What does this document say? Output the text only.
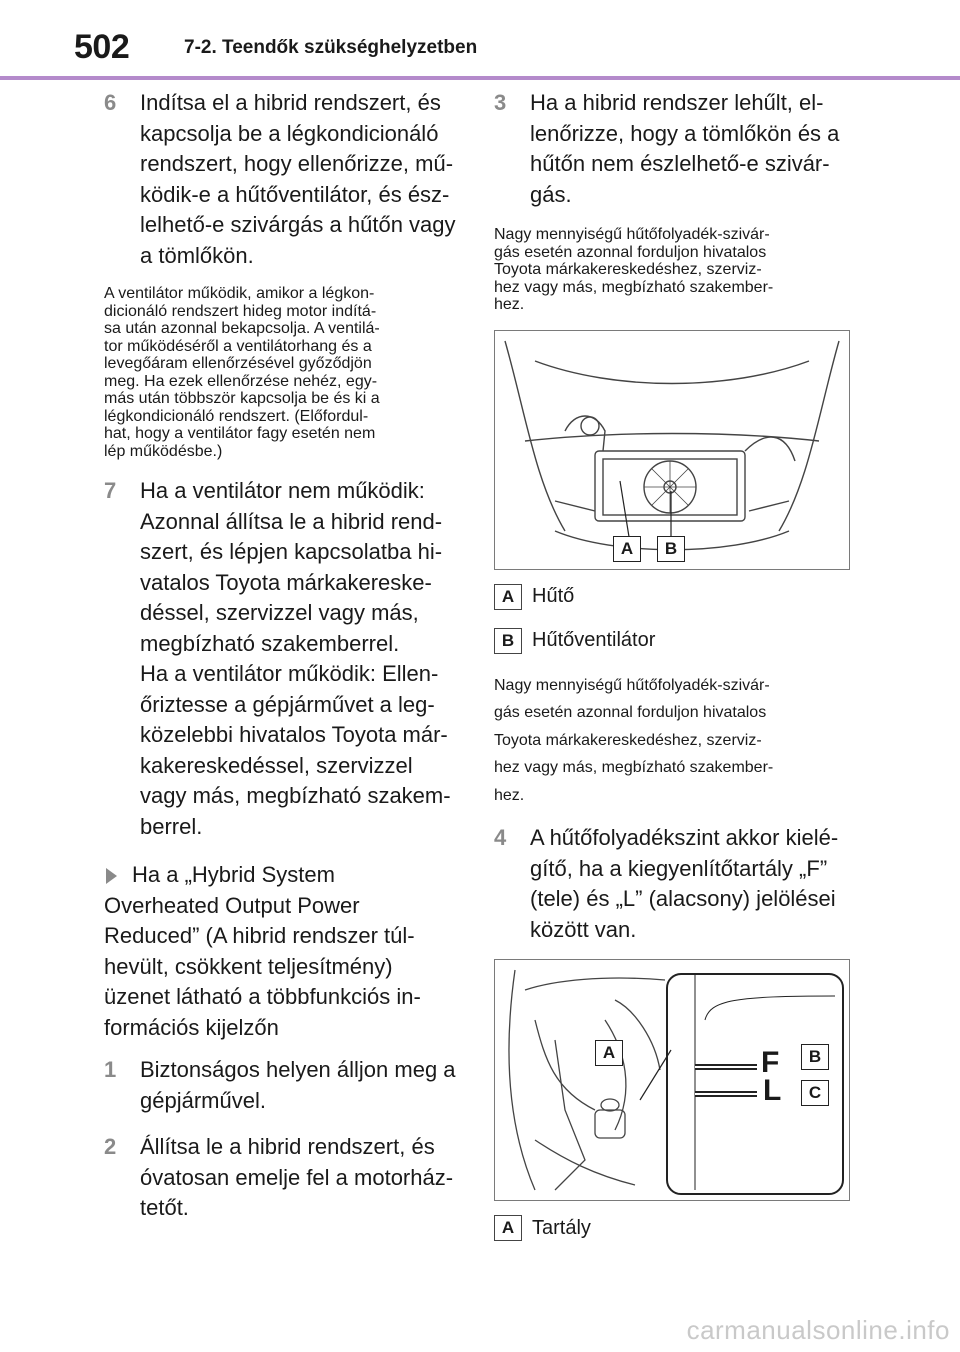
502	7-2. Teendők szükséghelyzetben
6 Indítsa el a hibrid rendszert, és

kapcsolja be a légkondicionáló

rendszert, hogy ellenőrizze, mű-

ködik-e a hűtőventilátor, és ész-

lelhető-e szivárgás a hűtőn vagy

a tömlőkön.

A ventilátor működik, amikor a légkon-
dicionáló rendszert hideg motor indítá-
sa után azonnal bekapcsolja. A ventilá-
tor működéséről a ventilátorhang és a
levegőáram ellenőrzésével győződjön
meg. Ha ezek ellenőrzése nehéz, egy-
más után többször kapcsolja be és ki a
légkondicionáló rendszert. (Előfordul-
hat, hogy a ventilátor fagy esetén nem
lép működésbe.)
7 Ha a ventilátor nem működik:

Azonnal állítsa le a hibrid rend-

szert, és lépjen kapcsolatba hi-

vatalos Toyota márkakereske-

déssel, szervizzel vagy más,

megbízható szakemberrel.

Ha a ventilátor működik: Ellen-

őriztesse a gépjárművet a leg-

közelebbi hivatalos Toyota már-

kakereskedéssel, szervizzel

vagy más, megbízható szakem-

berrel.

Ha a „Hybrid System
Overheated Output Power
Reduced” (A hibrid rendszer túl-
hevült, csökkent teljesítmény)
üzenet látható a többfunkciós in-
formációs kijelzőn
1 Biztonságos helyen álljon meg a

gépjárművel.

2 Állítsa le a hibrid rendszert, és

óvatosan emelje fel a motorház-

tetőt.

3 Ha a hibrid rendszer lehűlt, el-

lenőrizze, hogy a tömlőkön és a

hűtőn nem észlelhető-e szivár-

gás.

Nagy mennyiségű hűtőfolyadék-szivár-
gás esetén azonnal forduljon hivatalos
Toyota márkakereskedéshez, szerviz-
hez vagy más, megbízható szakember-
hez.
A	B
A Hűtő
B Hűtőventilátor
Nagy mennyiségű hűtőfolyadék-szivár-
gás esetén azonnal forduljon hivatalos
Toyota márkakereskedéshez, szerviz-
hez vagy más, megbízható szakember-
hez.
4 A hűtőfolyadékszint akkor kielé-

gítő, ha a kiegyenlítőtartály „F”

(tele) és „L” (alacsony) jelölései

között van.

F
L
A	B
C
A Tartály
carmanualsonline.info
